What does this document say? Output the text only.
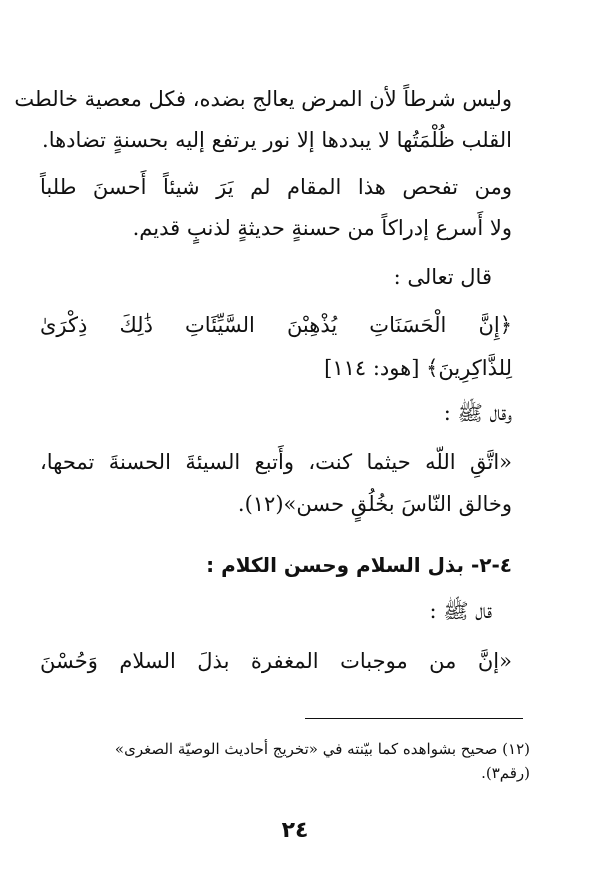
وليس شرطاً لأن المرض يعالج بضده، فكل معصية خالطت
القلب ظُلْمَتُها لا يبددها إلا نور يرتفع إليه بحسنةٍ تضادها.
ومن تفحص هذا المقام لم يَرَ شيئاً أَحسنَ طلباً
ولا أَسرع إدراكاً من حسنةٍ حديثةٍ لذنبٍ قديم.
قال تعالى :
﴿إِنَّ الْحَسَنَاتِ يُذْهِبْنَ السَّيِّئَاتِ ذَٰلِكَ ذِكْرَىٰ
لِلذَّاكِرِينَ﴾ [هود: ١١٤]
وقال ﷺ :
«اتَّقِ اللّه حيثما كنت، وأَتبع السيئةَ الحسنةَ تمحها،
وخالق النّاسَ بخُلُقٍ حسن»(١٢).
٤-٢- بذل السلام وحسن الكلام :
قال ﷺ :
«إنَّ من موجبات المغفرة بذلَ السلام وَحُسْنَ
(١٢) صحيح بشواهده كما بيّنته في «تخريج أحاديث الوصيّة الصغرى»
(رقم٣).
٢٤
